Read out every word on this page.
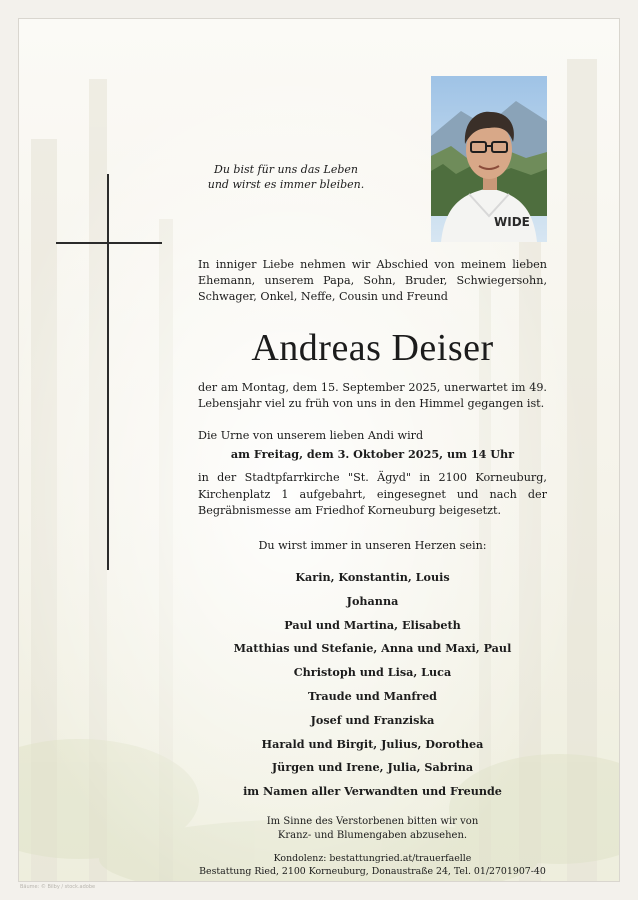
Du bist für uns das Leben
und wirst es immer bleiben.
WIDE
In inniger Liebe nehmen wir Abschied von meinem lieben Ehemann, unserem Papa, Sohn, Bruder, Schwiegersohn, Schwager, Onkel, Neffe, Cousin und Freund
Andreas Deiser
der am Montag, dem 15. September 2025, unerwartet im 49. Lebensjahr viel zu früh von uns in den Himmel gegangen ist.
Die Urne von unserem lieben Andi wird
am Freitag, dem 3. Oktober 2025, um 14 Uhr
in der Stadtpfarrkirche "St. Ägyd" in 2100 Korneuburg, Kirchenplatz 1 aufgebahrt, eingesegnet und nach der Begräbnismesse am Friedhof Korneuburg beigesetzt.
Du wirst immer in unseren Herzen sein:
Karin, Konstantin, Louis
Johanna
Paul und Martina, Elisabeth
Matthias und Stefanie, Anna und Maxi, Paul
Christoph und Lisa, Luca
Traude und Manfred
Josef und Franziska
Harald und Birgit, Julius, Dorothea
Jürgen und Irene, Julia, Sabrina
im Namen aller Verwandten und Freunde
Im Sinne des Verstorbenen bitten wir von
Kranz- und Blumengaben abzusehen.
Kondolenz: bestattungried.at/trauerfaelle
Bestattung Ried, 2100 Korneuburg, Donaustraße 24, Tel. 01/2701907-40
Bäume: © Bilby / stock.adobe
